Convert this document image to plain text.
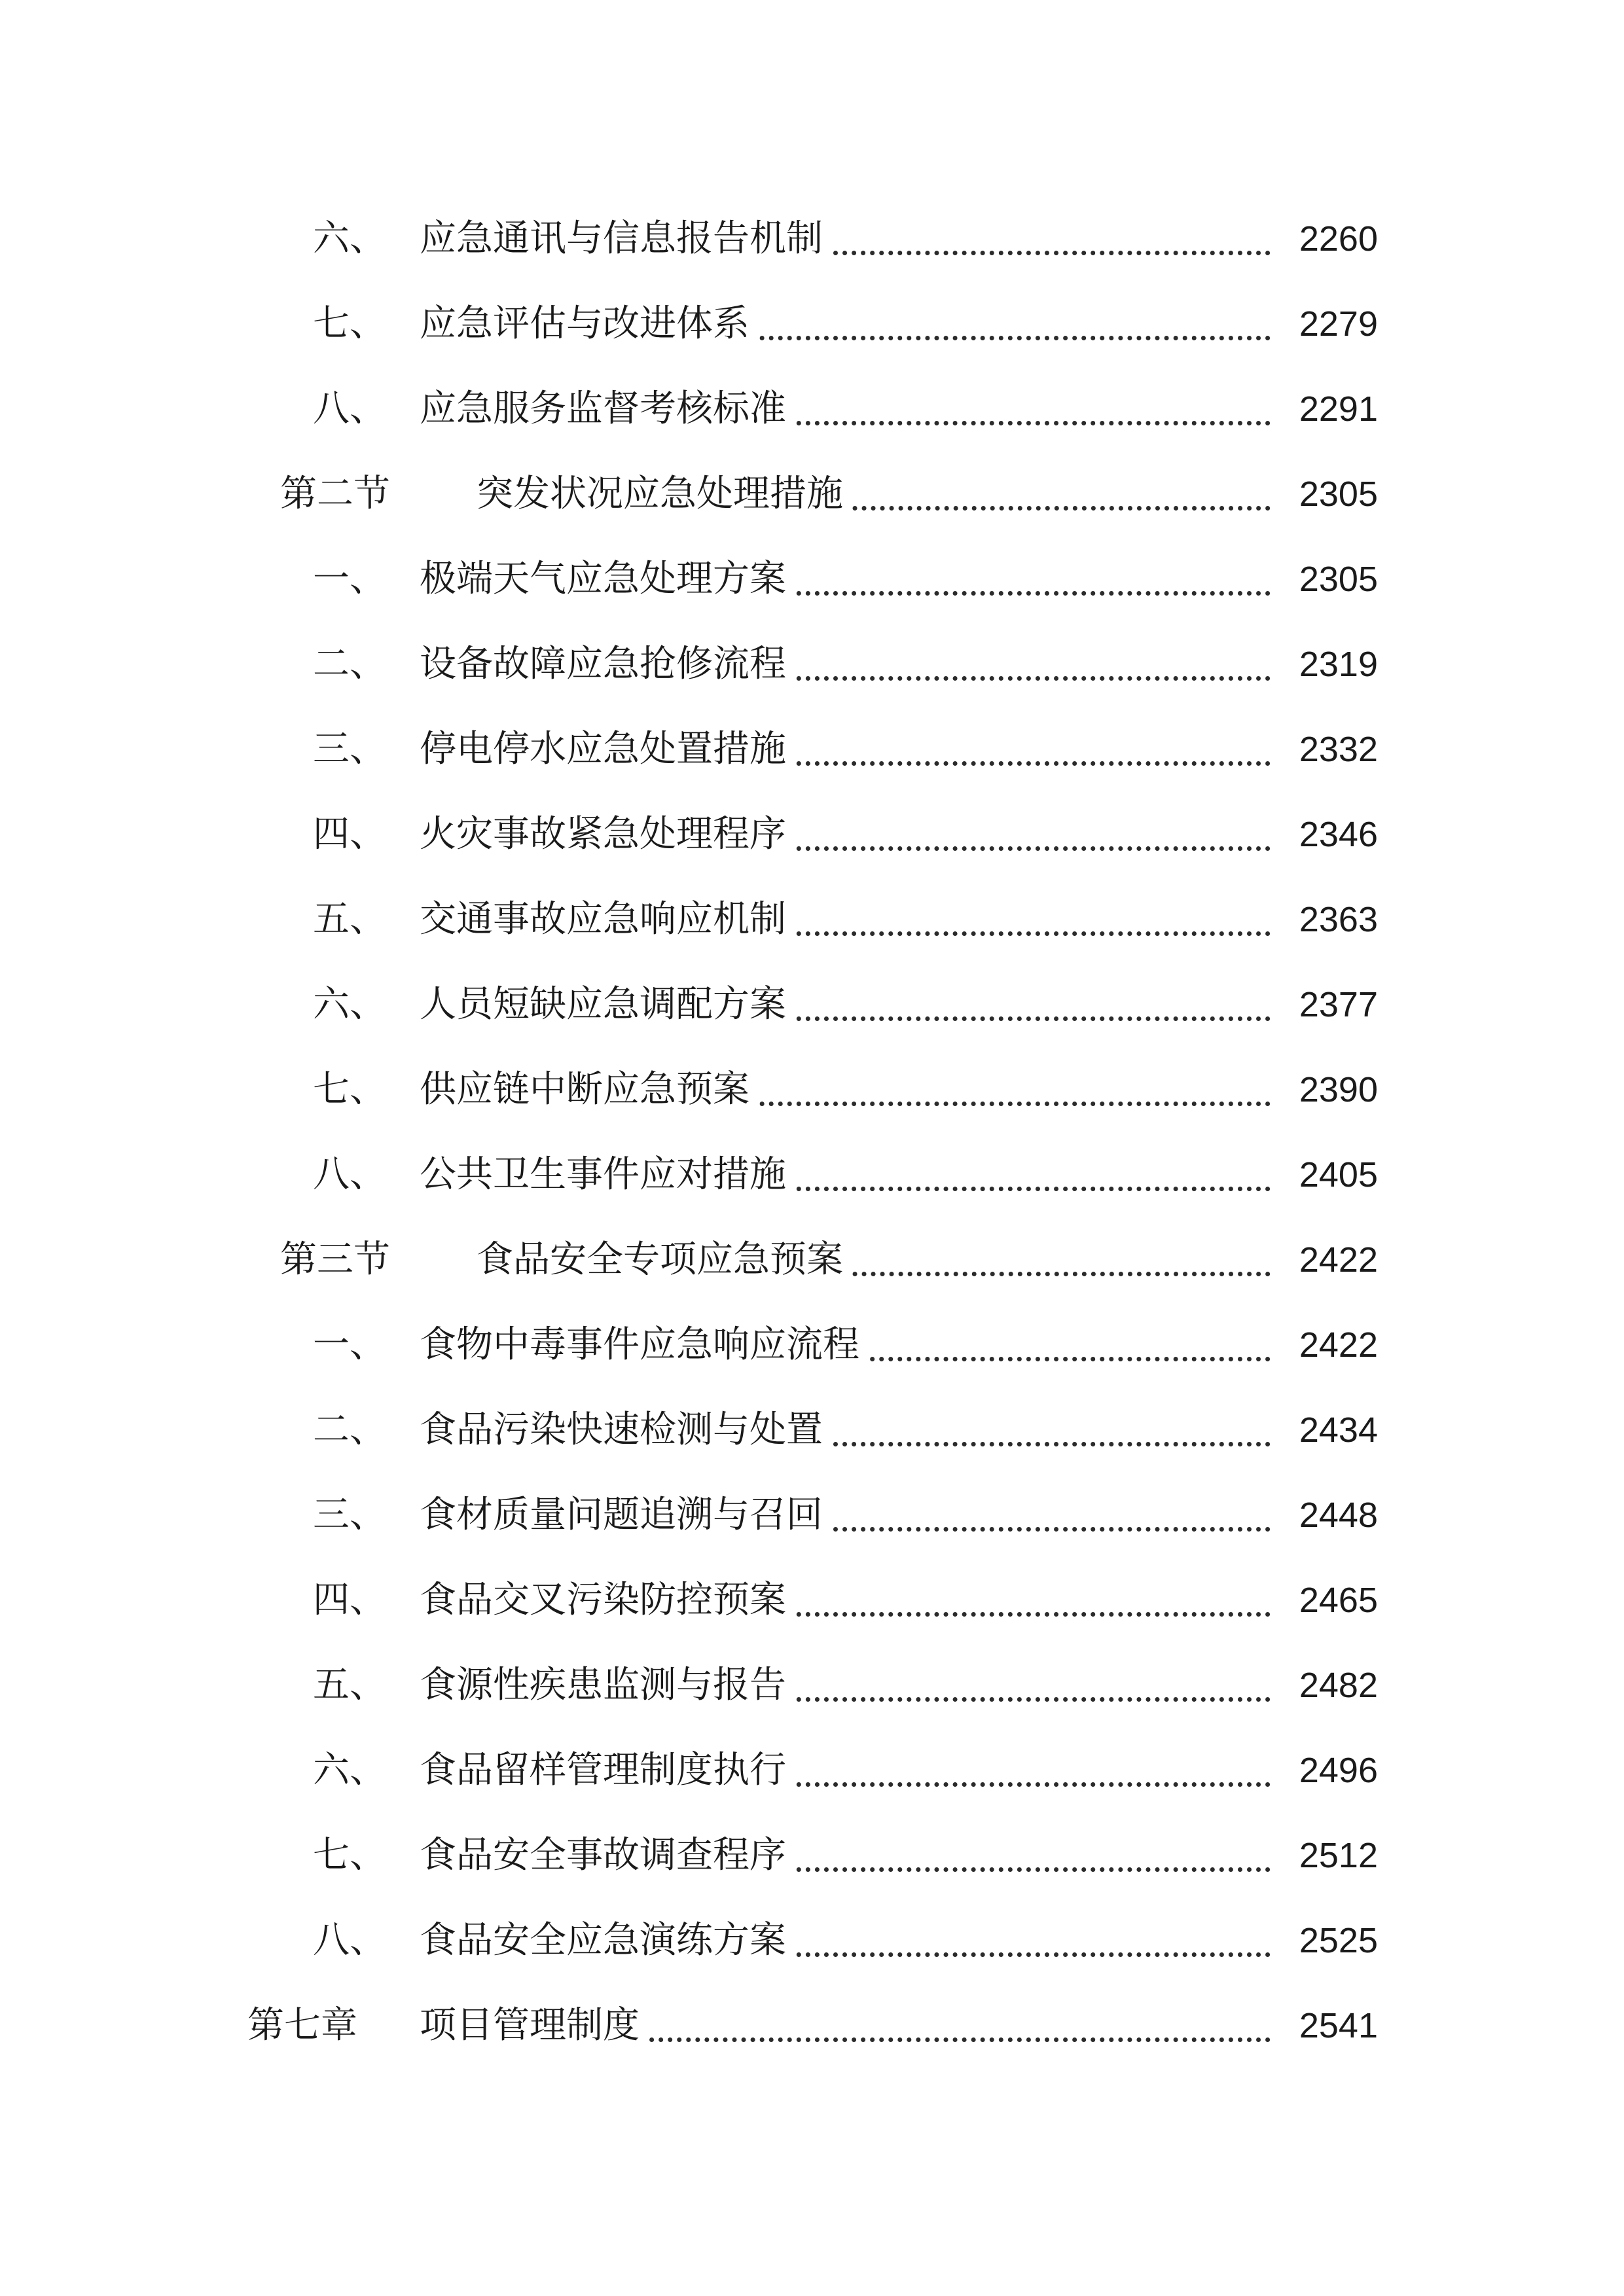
六、 应急通讯与信息报告机制	2260
七、 应急评估与改进体系	2279
八、 应急服务监督考核标准	2291
第二节 突发状况应急处理措施	2305
一、 极端天气应急处理方案	2305
二、 设备故障应急抢修流程	2319
三、 停电停水应急处置措施	2332
四、 火灾事故紧急处理程序	2346
五、 交通事故应急响应机制	2363
六、 人员短缺应急调配方案	2377
七、 供应链中断应急预案	2390
八、 公共卫生事件应对措施	2405
第三节 食品安全专项应急预案	2422
一、 食物中毒事件应急响应流程	2422
二、 食品污染快速检测与处置	2434
三、 食材质量问题追溯与召回	2448
四、 食品交叉污染防控预案	2465
五、 食源性疾患监测与报告	2482
六、 食品留样管理制度执行	2496
七、 食品安全事故调查程序	2512
八、 食品安全应急演练方案	2525
第七章 项目管理制度	2541
